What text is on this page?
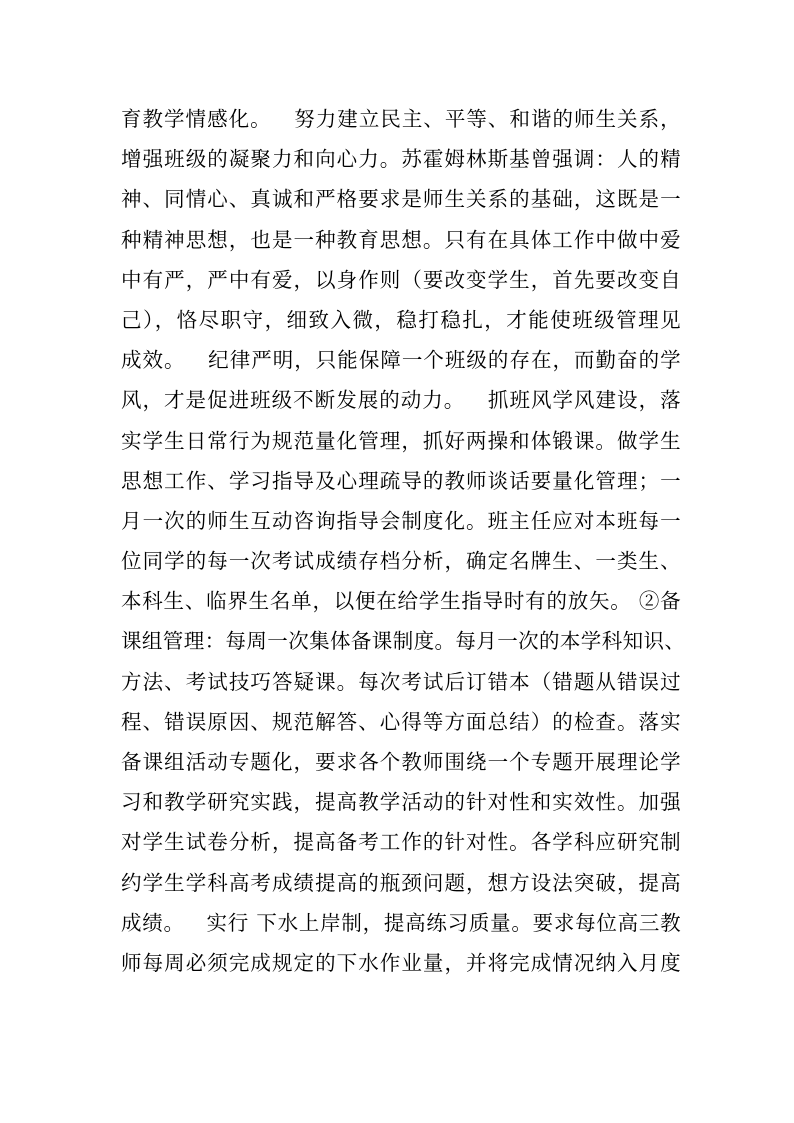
育教学情感化。   努力建立民主、平等、和谐的师生关系，
增强班级的凝聚力和向心力。苏霍姆林斯基曾强调：人的精
神、同情心、真诚和严格要求是师生关系的基础，这既是一
种精神思想，也是一种教育思想。只有在具体工作中做中爱
中有严，严中有爱，以身作则（要改变学生，首先要改变自
己），恪尽职守，细致入微，稳打稳扎，才能使班级管理见
成效。   纪律严明，只能保障一个班级的存在，而勤奋的学
风，才是促进班级不断发展的动力。   抓班风学风建设，落
实学生日常行为规范量化管理，抓好两操和体锻课。做学生
思想工作、学习指导及心理疏导的教师谈话要量化管理；一
月一次的师生互动咨询指导会制度化。班主任应对本班每一
位同学的每一次考试成绩存档分析，确定名牌生、一类生、
本科生、临界生名单，以便在给学生指导时有的放矢。 ②备
课组管理：每周一次集体备课制度。每月一次的本学科知识、
方法、考试技巧答疑课。每次考试后订错本（错题从错误过
程、错误原因、规范解答、心得等方面总结）的检查。落实
备课组活动专题化，要求各个教师围绕一个专题开展理论学
习和教学研究实践，提高教学活动的针对性和实效性。加强
对学生试卷分析，提高备考工作的针对性。各学科应研究制
约学生学科高考成绩提高的瓶颈问题，想方设法突破，提高
成绩。   实行 下水上岸制，提高练习质量。要求每位高三教
师每周必须完成规定的下水作业量，并将完成情况纳入月度
